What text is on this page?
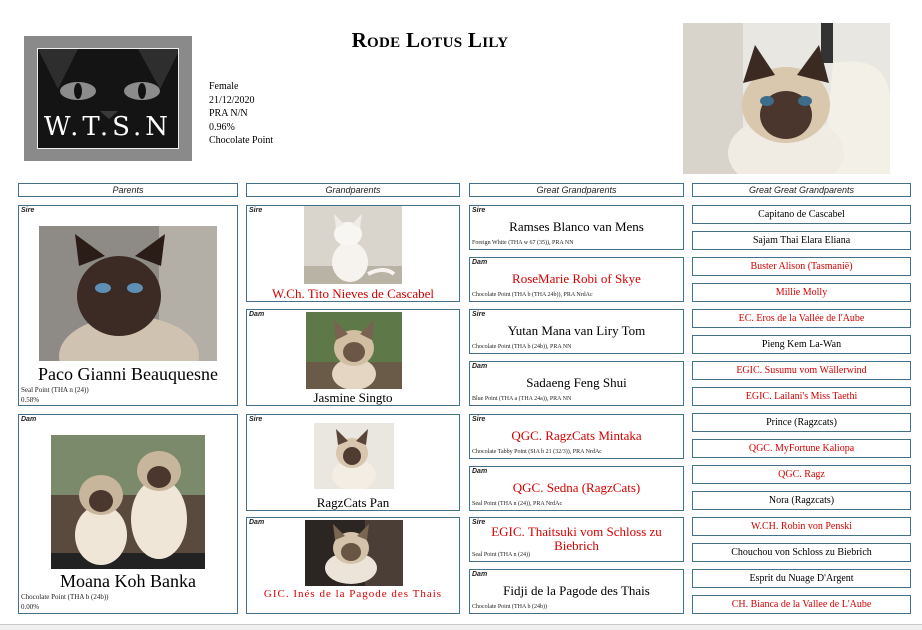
W.T.S.N
Rode Lotus Lily
Female
21/12/2020
PRA N/N
0.96%
Chocolate Point
Parents	Grandparents	Great Grandparents	Great Great Grandparents
Sire
Paco Gianni Beauquesne
Seal Point (THA n (24))
0.58%
Dam
Moana Koh Banka
Chocolate Point (THA b (24b))
0.00%
Sire
W.Ch. Tito Nieves de Cascabel
Dam
Jasmine Singto
Sire
RagzCats Pan
Dam
GIC. Inés de la Pagode des Thais
Sire
Ramses Blanco van Mens
Foreign White (THA w 67 (35)), PRA NN
Dam
RoseMarie Robi of Skye
Chocolate Point (THA b (THA 24b)), PRA NrdAc
Sire
Yutan Mana van Liry Tom
Chocolate Point (THA b (24b)), PRA NN
Dam
Sadaeng Feng Shui
Blue Point (THA a (THA 24a)), PRA NN
Sire
QGC. RagzCats Mintaka
Chocolate Tabby Point (SIA b 21 (32/3)), PRA NrdAc
Dam
QGC. Sedna (RagzCats)
Seal Point (THA n (24)), PRA NrdAc
Sire
EGIC. Thaitsuki vom Schloss zu Biebrich
Seal Point (THA n (24))
Dam
Fidji de la Pagode des Thais
Chocolate Point (THA b (24b))
Capitano de Cascabel
Sajam Thai Elara Eliana
Buster Alison (Tasmanië)
Millie Molly
EC. Eros de la Vallée de l'Aube
Pieng Kem La-Wan
EGIC. Susumu vom Wällerwind
EGIC. Lailani's Miss Taethi
Prince (Ragzcats)
QGC. MyFortune Kaliopa
QGC. Ragz
Nora (Ragzcats)
W.CH. Robin von Penski
Chouchou von Schloss zu Biebrich
Esprit du Nuage D'Argent
CH. Bianca de la Vallee de L'Aube
